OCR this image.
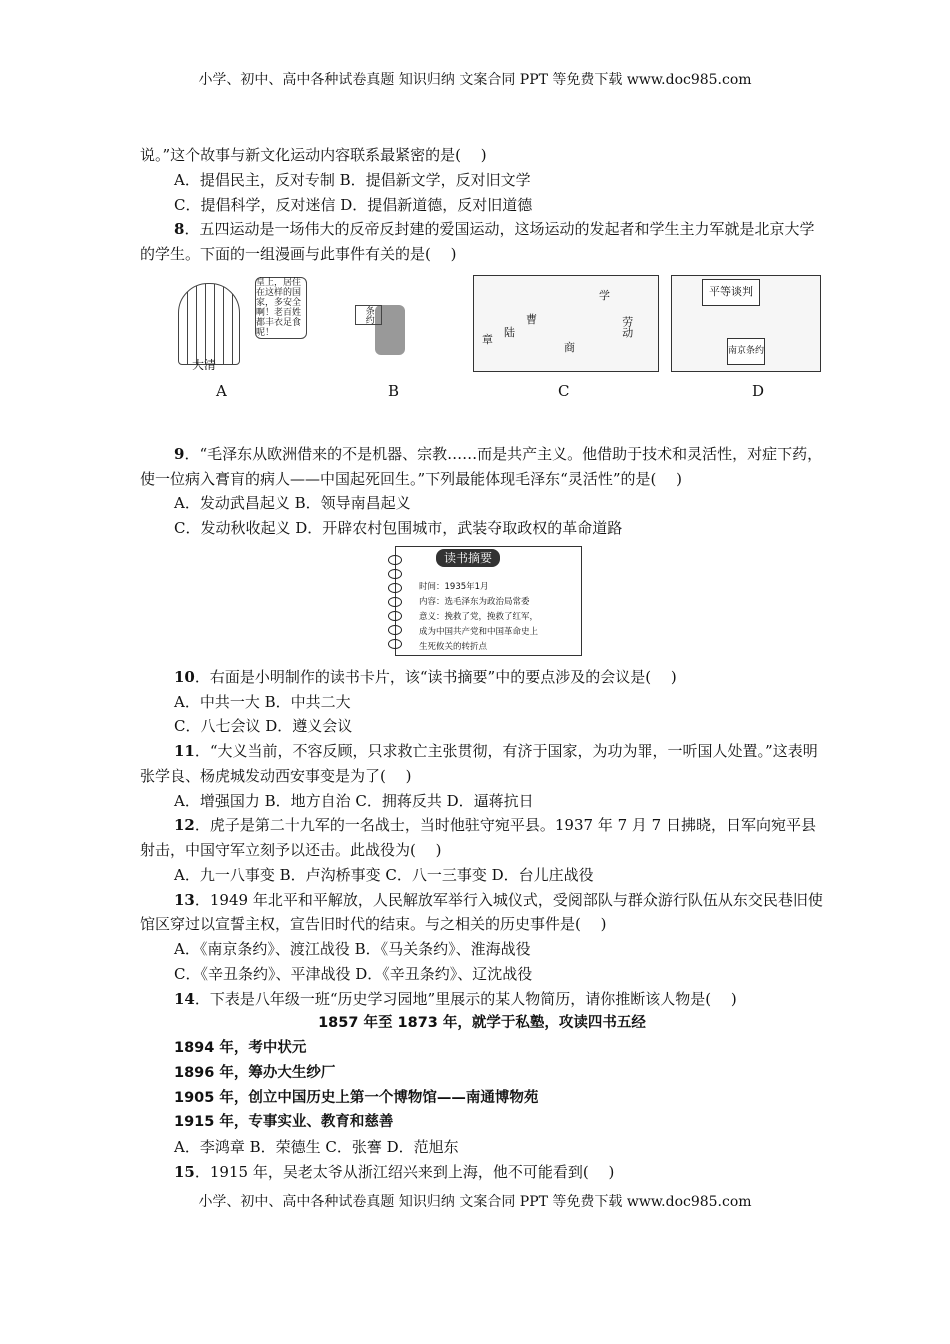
小学、初中、高中各种试卷真题 知识归纳 文案合同 PPT 等免费下载 www.doc985.com
说。”这个故事与新文化运动内容联系最紧密的是(　 )
A．提倡民主，反对专制 B．提倡新文学，反对旧文学
C．提倡科学，反对迷信 D．提倡新道德，反对旧道德
8．五四运动是一场伟大的反帝反封建的爱国运动，这场运动的发起者和学生主力军就是北京大学的学生。下面的一组漫画与此事件有关的是(　 )
皇上，居住在这样的国家，多安全啊！老百姓都丰衣足食呢！
大清
条约
章
陆
曹
商
学
劳动
平等谈判
南京条约
A	B	C	D
9．“毛泽东从欧洲借来的不是机器、宗教……而是共产主义。他借助于技术和灵活性，对症下药，使一位病入膏肓的病人——中国起死回生。”下列最能体现毛泽东“灵活性”的是(　 )
A．发动武昌起义 B．领导南昌起义
C．发动秋收起义 D．开辟农村包围城市，武装夺取政权的革命道路
读书摘要
时间：1935年1月
内容：选毛泽东为政治局常委
意义：挽救了党，挽救了红军，
成为中国共产党和中国革命史上
生死攸关的转折点
10．右面是小明制作的读书卡片，该“读书摘要”中的要点涉及的会议是(　 )
A．中共一大 B．中共二大
C．八七会议 D．遵义会议
11．“大义当前，不容反顾，只求救亡主张贯彻，有济于国家，为功为罪，一听国人处置。”这表明张学良、杨虎城发动西安事变是为了(　 )
A．增强国力 B．地方自治 C．拥蒋反共 D．逼蒋抗日
12．虎子是第二十九军的一名战士，当时他驻守宛平县。1937 年 7 月 7 日拂晓，日军向宛平县射击，中国守军立刻予以还击。此战役为(　 )
A．九一八事变 B．卢沟桥事变 C．八一三事变 D．台儿庄战役
13．1949 年北平和平解放，人民解放军举行入城仪式，受阅部队与群众游行队伍从东交民巷旧使馆区穿过以宣誓主权，宣告旧时代的结束。与之相关的历史事件是(　 )
A．《南京条约》、渡江战役 B．《马关条约》、淮海战役
C．《辛丑条约》、平津战役 D．《辛丑条约》、辽沈战役
14．下表是八年级一班“历史学习园地”里展示的某人物简历，请你推断该人物是(　 )
1857 年至 1873 年，就学于私塾，攻读四书五经
1894 年，考中状元
1896 年，筹办大生纱厂
1905 年，创立中国历史上第一个博物馆——南通博物苑
1915 年，专事实业、教育和慈善
A．李鸿章 B．荣德生 C．张謇 D．范旭东
15．1915 年，吴老太爷从浙江绍兴来到上海，他不可能看到(　 )
小学、初中、高中各种试卷真题 知识归纳 文案合同 PPT 等免费下载 www.doc985.com
